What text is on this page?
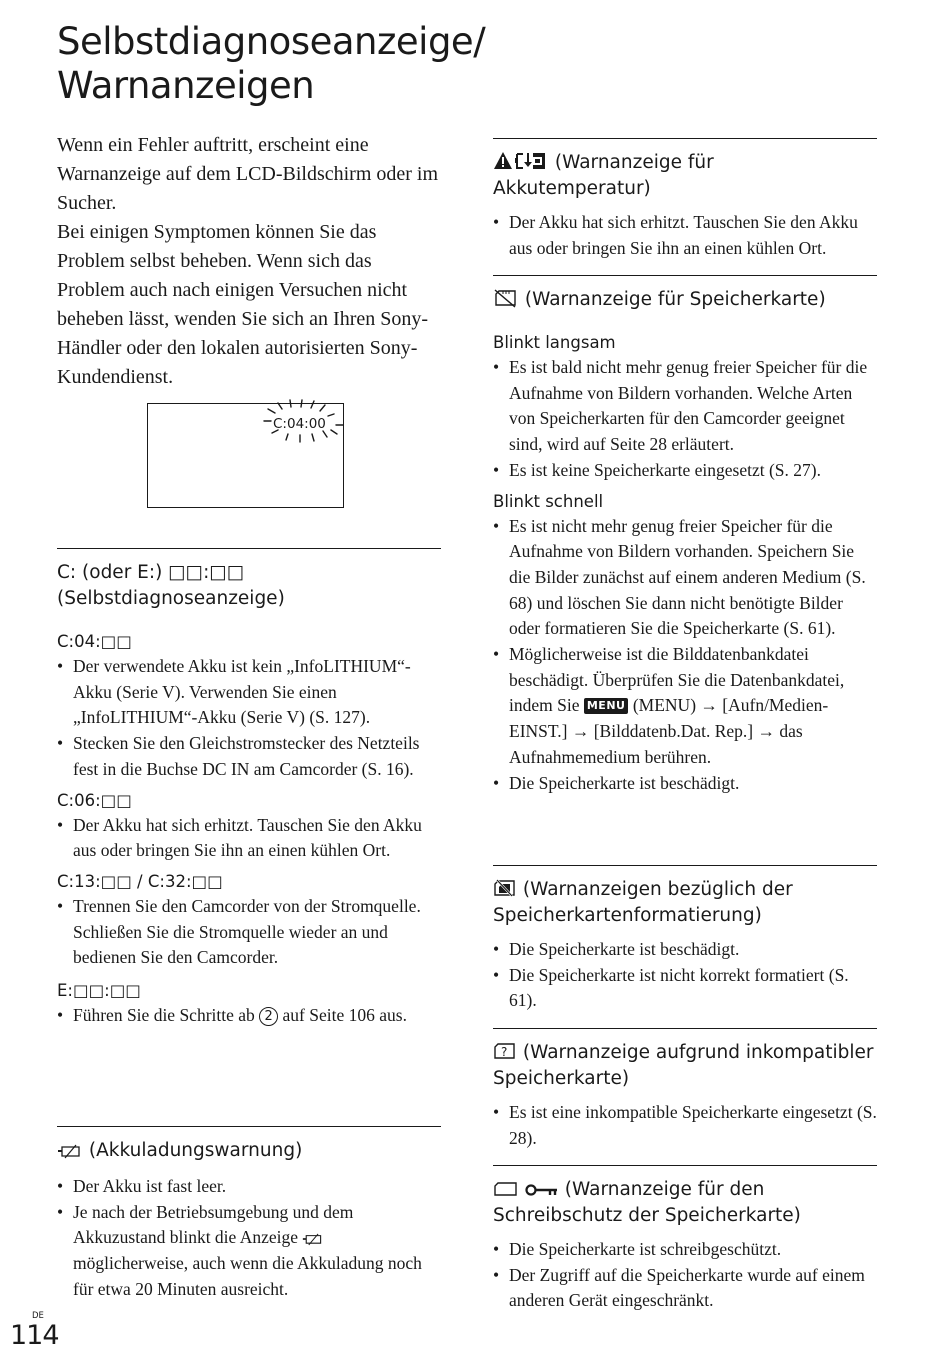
Selbstdiagnoseanzeige/
Warnanzeigen
Wenn ein Fehler auftritt, erscheint eine Warnanzeige auf dem LCD-Bildschirm oder im Sucher.
Bei einigen Symptomen können Sie das Problem selbst beheben. Wenn sich das Problem auch nach einigen Versuchen nicht beheben lässt, wenden Sie sich an Ihren Sony-Händler oder den lokalen autorisierten Sony-Kundendienst.
C:04:00
C: (oder E:) □□:□□
(Selbstdiagnoseanzeige)
C:04:□□
• Der verwendete Akku ist kein „InfoLITHIUM“-Akku (Serie V). Verwenden Sie einen „InfoLITHIUM“-Akku (Serie V) (S. 127).
• Stecken Sie den Gleichstromstecker des Netzteils fest in die Buchse DC IN am Camcorder (S. 16).
C:06:□□
• Der Akku hat sich erhitzt. Tauschen Sie den Akku aus oder bringen Sie ihn an einen kühlen Ort.
C:13:□□ / C:32:□□
• Trennen Sie den Camcorder von der Stromquelle. Schließen Sie die Stromquelle wieder an und bedienen Sie den Camcorder.
E:□□:□□
• Führen Sie die Schritte ab 2 auf Seite 106 aus.
(Akkuladungswarnung)
• Der Akku ist fast leer.
• Je nach der Betriebsumgebung und dem Akkuzustand blinkt die Anzeige  möglicherweise, auch wenn die Akkuladung noch für etwa 20 Minuten ausreicht.
(Warnanzeige für Akkutemperatur)
• Der Akku hat sich erhitzt. Tauschen Sie den Akku aus oder bringen Sie ihn an einen kühlen Ort.
(Warnanzeige für Speicherkarte)
Blinkt langsam
• Es ist bald nicht mehr genug freier Speicher für die Aufnahme von Bildern vorhanden. Welche Arten von Speicherkarten für den Camcorder geeignet sind, wird auf Seite 28 erläutert.
• Es ist keine Speicherkarte eingesetzt (S. 27).
Blinkt schnell
• Es ist nicht mehr genug freier Speicher für die Aufnahme von Bildern vorhanden. Speichern Sie die Bilder zunächst auf einem anderen Medium (S. 68) und löschen Sie dann nicht benötigte Bilder oder formatieren Sie die Speicherkarte (S. 61).
• Möglicherweise ist die Bilddatenbankdatei beschädigt. Überprüfen Sie die Datenbankdatei, indem Sie MENU (MENU) → [Aufn/Medien-EINST.] → [Bilddatenb.Dat. Rep.] → das Aufnahmemedium berühren.
• Die Speicherkarte ist beschädigt.
(Warnanzeigen bezüglich der Speicherkartenformatierung)
• Die Speicherkarte ist beschädigt.
• Die Speicherkarte ist nicht korrekt formatiert (S. 61).
? (Warnanzeige aufgrund inkompatibler Speicherkarte)
• Es ist eine inkompatible Speicherkarte eingesetzt (S. 28).
(Warnanzeige für den Schreibschutz der Speicherkarte)
• Die Speicherkarte ist schreibgeschützt.
• Der Zugriff auf die Speicherkarte wurde auf einem anderen Gerät eingeschränkt.
DE
114
